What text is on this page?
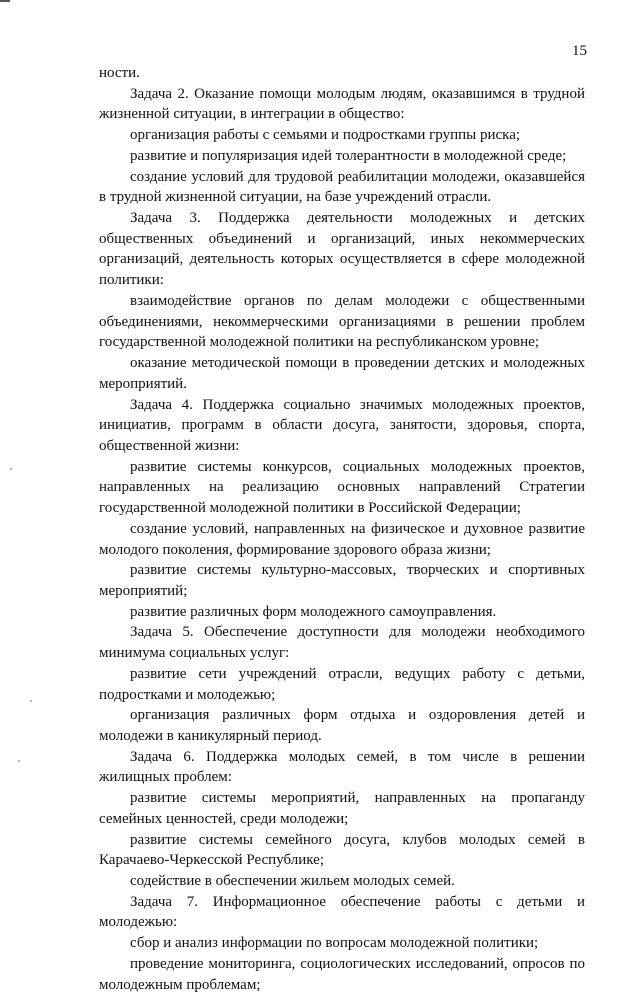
15

ности.

Задача 2. Оказание помощи молодым людям, оказавшимся в трудной жизненной ситуации, в интеграции в общество:

организация работы с семьями и подростками группы риска;

развитие и популяризация идей толерантности в молодежной среде;

создание условий для трудовой реабилитации молодежи, оказавшейся в трудной жизненной ситуации, на базе учреждений отрасли.

Задача 3. Поддержка деятельности молодежных и детских общественных объединений и организаций, иных некоммерческих организаций, деятельность которых осуществляется в сфере молодежной политики:

взаимодействие органов по делам молодежи с общественными объединениями, некоммерческими организациями в решении проблем государственной молодежной политики на республиканском уровне;

оказание методической помощи в проведении детских и молодежных мероприятий.

Задача 4. Поддержка социально значимых молодежных проектов, инициатив, программ в области досуга, занятости, здоровья, спорта, общественной жизни:

развитие системы конкурсов, социальных молодежных проектов, направленных на реализацию основных направлений Стратегии государственной молодежной политики в Российской Федерации;

создание условий, направленных на физическое и духовное развитие молодого поколения, формирование здорового образа жизни;

развитие системы культурно-массовых, творческих и спортивных мероприятий;

развитие различных форм молодежного самоуправления.

Задача 5. Обеспечение доступности для молодежи необходимого минимума социальных услуг:

развитие сети учреждений отрасли, ведущих работу с детьми, подростками и молодежью;

организация различных форм отдыха и оздоровления детей и молодежи в каникулярный период.

Задача 6. Поддержка молодых семей, в том числе в решении жилищных проблем:

развитие системы мероприятий, направленных на пропаганду семейных ценностей, среди молодежи;

развитие системы семейного досуга, клубов молодых семей в Карачаево-Черкесской Республике;

содействие в обеспечении жильем молодых семей.

Задача 7. Информационное обеспечение работы с детьми и молодежью:

сбор и анализ информации по вопросам молодежной политики;

проведение мониторинга, социологических исследований, опросов по молодежным проблемам;
